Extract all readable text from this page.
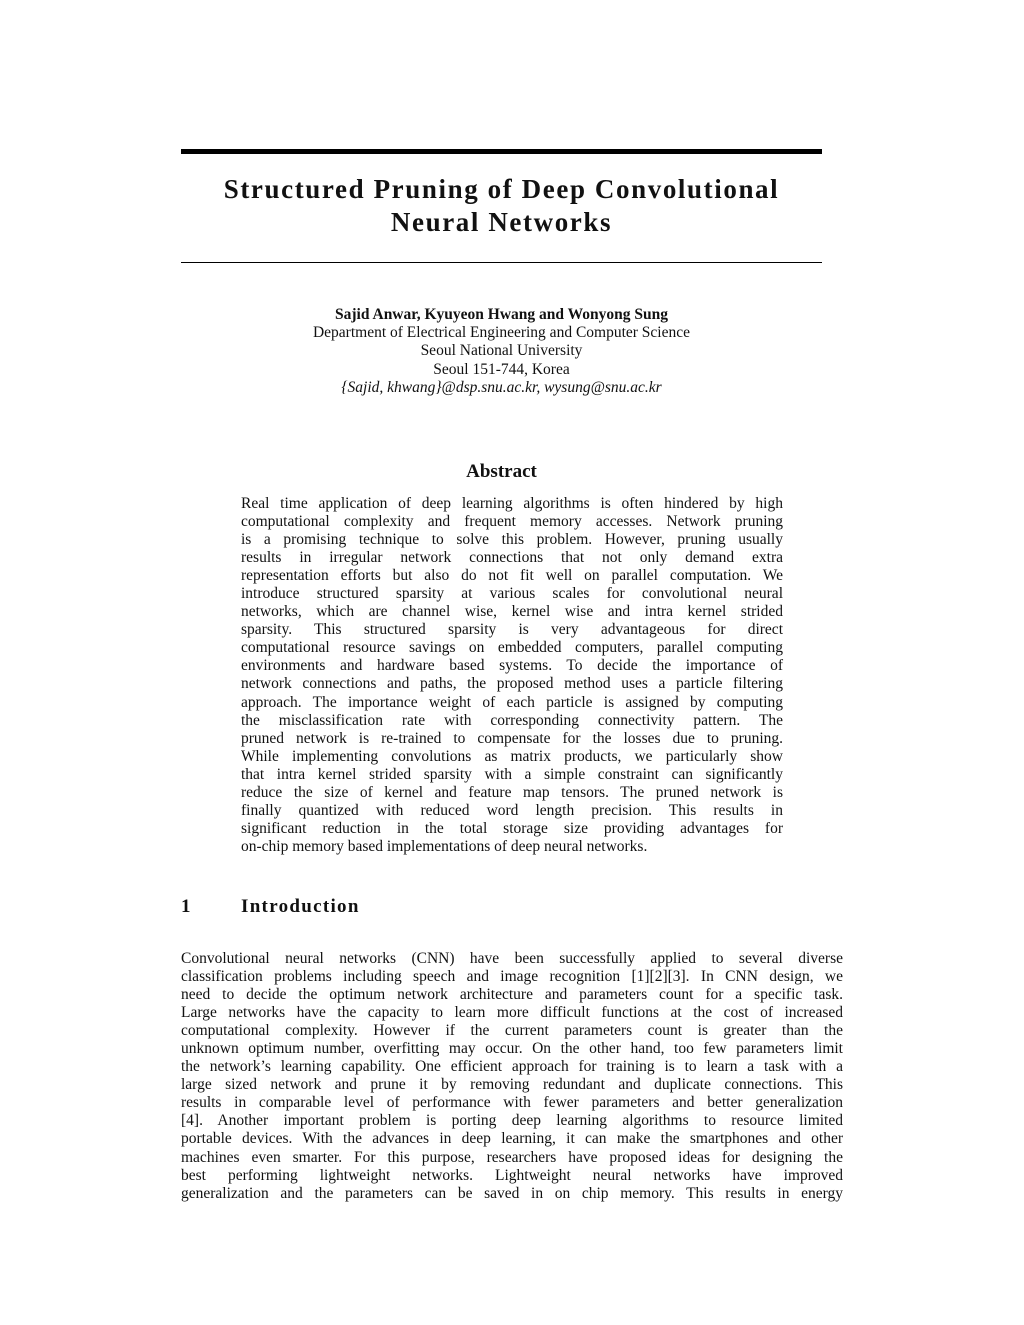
Structured Pruning of Deep Convolutional
Neural Networks
Sajid Anwar, Kyuyeon Hwang and Wonyong Sung
Department of Electrical Engineering and Computer Science
Seoul National University
Seoul 151-744, Korea
{Sajid, khwang}@dsp.snu.ac.kr, wysung@snu.ac.kr
Abstract
Real time application of deep learning algorithms is often hindered by high
computational complexity and frequent memory accesses. Network pruning
is a promising technique to solve this problem. However, pruning usually
results in irregular network connections that not only demand extra
representation efforts but also do not fit well on parallel computation. We
introduce structured sparsity at various scales for convolutional neural
networks, which are channel wise, kernel wise and intra kernel strided
sparsity. This structured sparsity is very advantageous for direct
computational resource savings on embedded computers, parallel computing
environments and hardware based systems. To decide the importance of
network connections and paths, the proposed method uses a particle filtering
approach. The importance weight of each particle is assigned by computing
the misclassification rate with corresponding connectivity pattern. The
pruned network is re-trained to compensate for the losses due to pruning.
While implementing convolutions as matrix products, we particularly show
that intra kernel strided sparsity with a simple constraint can significantly
reduce the size of kernel and feature map tensors. The pruned network is
finally quantized with reduced word length precision. This results in
significant reduction in the total storage size providing advantages for
on-chip memory based implementations of deep neural networks.
1	Introduction
Convolutional neural networks (CNN) have been successfully applied to several diverse
classification problems including speech and image recognition [1][2][3]. In CNN design, we
need to decide the optimum network architecture and parameters count for a specific task.
Large networks have the capacity to learn more difficult functions at the cost of increased
computational complexity. However if the current parameters count is greater than the
unknown optimum number, overfitting may occur. On the other hand, too few parameters limit
the network’s learning capability. One efficient approach for training is to learn a task with a
large sized network and prune it by removing redundant and duplicate connections. This
results in comparable level of performance with fewer parameters and better generalization
[4]. Another important problem is porting deep learning algorithms to resource limited
portable devices. With the advances in deep learning, it can make the smartphones and other
machines even smarter. For this purpose, researchers have proposed ideas for designing the
best performing lightweight networks. Lightweight neural networks have improved
generalization and the parameters can be saved in on chip memory. This results in energy
